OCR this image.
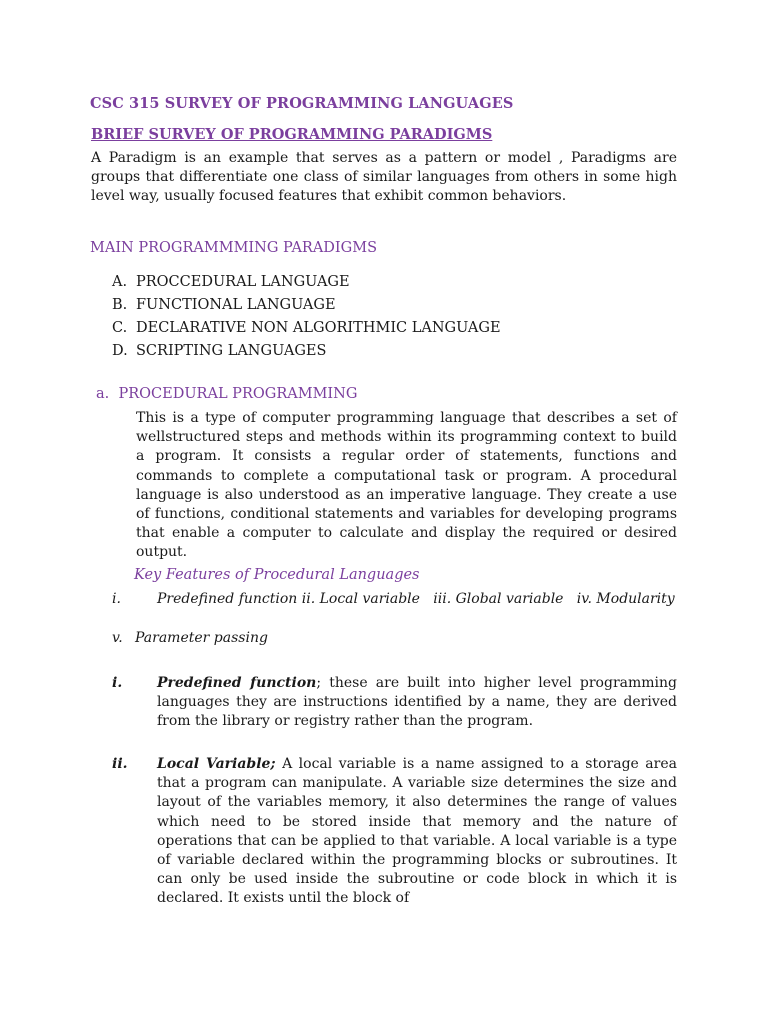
CSC 315 SURVEY OF PROGRAMMING LANGUAGES
BRIEF SURVEY OF PROGRAMMING PARADIGMS
A Paradigm is an example that serves as a pattern or model , Paradigms are groups that differentiate one class of similar languages from others in some high level way, usually focused features that exhibit common behaviors.
MAIN PROGRAMMMING PARADIGMS
A. PROCCEDURAL LANGUAGE
B. FUNCTIONAL LANGUAGE
C. DECLARATIVE NON ALGORITHMIC LANGUAGE
D. SCRIPTING LANGUAGES
a.  PROCEDURAL PROGRAMMING
This is a type of computer programming language that describes a set of wellstructured steps and methods within its programming context to build a program. It consists a regular order of statements, functions and commands to complete a computational task or program. A procedural language is also understood as an imperative language. They create a use of functions, conditional statements and variables for developing programs that enable a computer to calculate and display the required or desired output.
Key Features of Procedural Languages
i.	Predefined function ii. Local variable   iii. Global variable   iv. Modularity
v. Parameter passing
i. Predefined function; these are built into higher level programming languages they are instructions identified by a name, they are derived from the library or registry rather than the program.
ii. Local Variable; A local variable is a name assigned to a storage area that a program can manipulate. A variable size determines the size and layout of the variables memory, it also determines the range of values which need to be stored inside that memory and the nature of operations that can be applied to that variable. A local variable is a type of variable declared within the programming blocks or subroutines. It can only be used inside the subroutine or code block in which it is declared. It exists until the block of
